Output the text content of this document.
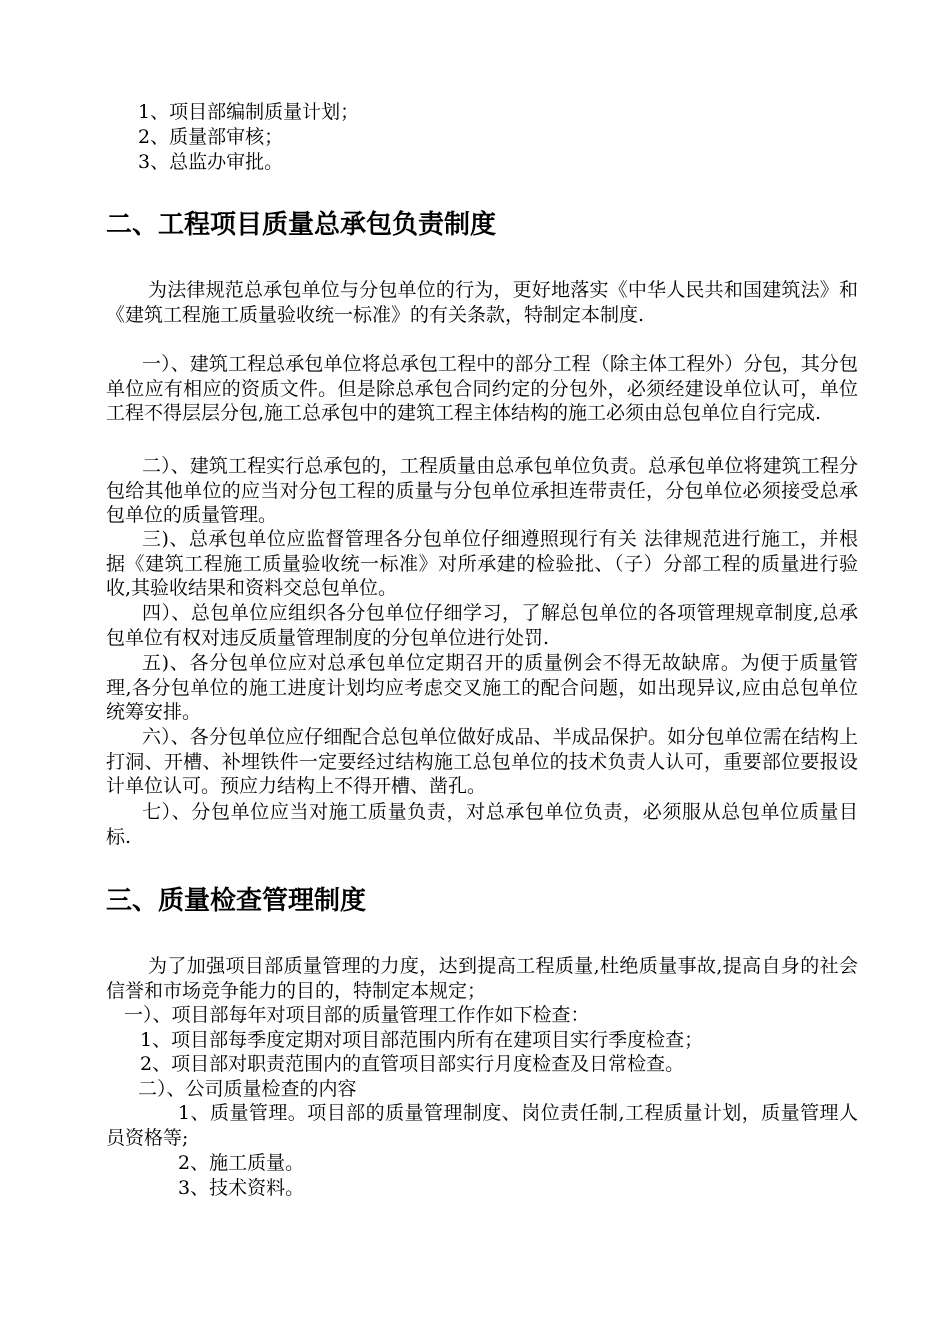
1、项目部编制质量计划；

2、质量部审核；

3、总监办审批。

二、工程项目质量总承包负责制度

为法律规范总承包单位与分包单位的行为，更好地落实《中华人民共和国建筑法》和《建筑工程施工质量验收统一标准》的有关条款，特制定本制度.

一）、建筑工程总承包单位将总承包工程中的部分工程（除主体工程外）分包，其分包单位应有相应的资质文件。但是除总承包合同约定的分包外，必须经建设单位认可，单位工程不得层层分包,施工总承包中的建筑工程主体结构的施工必须由总包单位自行完成.

二）、建筑工程实行总承包的，工程质量由总承包单位负责。总承包单位将建筑工程分包给其他单位的应当对分包工程的质量与分包单位承担连带责任，分包单位必须接受总承包单位的质量管理。

三)、总承包单位应监督管理各分包单位仔细遵照现行有关 法律规范进行施工，并根据《建筑工程施工质量验收统一标准》对所承建的检验批、（子）分部工程的质量进行验收,其验收结果和资料交总包单位。

四）、总包单位应组织各分包单位仔细学习，了解总包单位的各项管理规章制度,总承包单位有权对违反质量管理制度的分包单位进行处罚.

五)、各分包单位应对总承包单位定期召开的质量例会不得无故缺席。为便于质量管理,各分包单位的施工进度计划均应考虑交叉施工的配合问题，如出现异议,应由总包单位统筹安排。

六）、各分包单位应仔细配合总包单位做好成品、半成品保护。如分包单位需在结构上打洞、开槽、补埋铁件一定要经过结构施工总包单位的技术负责人认可，重要部位要报设计单位认可。预应力结构上不得开槽、凿孔。

七）、分包单位应当对施工质量负责，对总承包单位负责，必须服从总包单位质量目标.

三、质量检查管理制度

为了加强项目部质量管理的力度，达到提高工程质量,杜绝质量事故,提高自身的社会信誉和市场竞争能力的目的，特制定本规定；

一）、项目部每年对项目部的质量管理工作作如下检查：

1、项目部每季度定期对项目部范围内所有在建项目实行季度检查；

2、项目部对职责范围内的直管项目部实行月度检查及日常检查。

二）、公司质量检查的内容

1、质量管理。项目部的质量管理制度、岗位责任制,工程质量计划，质量管理人员资格等;

2、施工质量。

3、技术资料。
